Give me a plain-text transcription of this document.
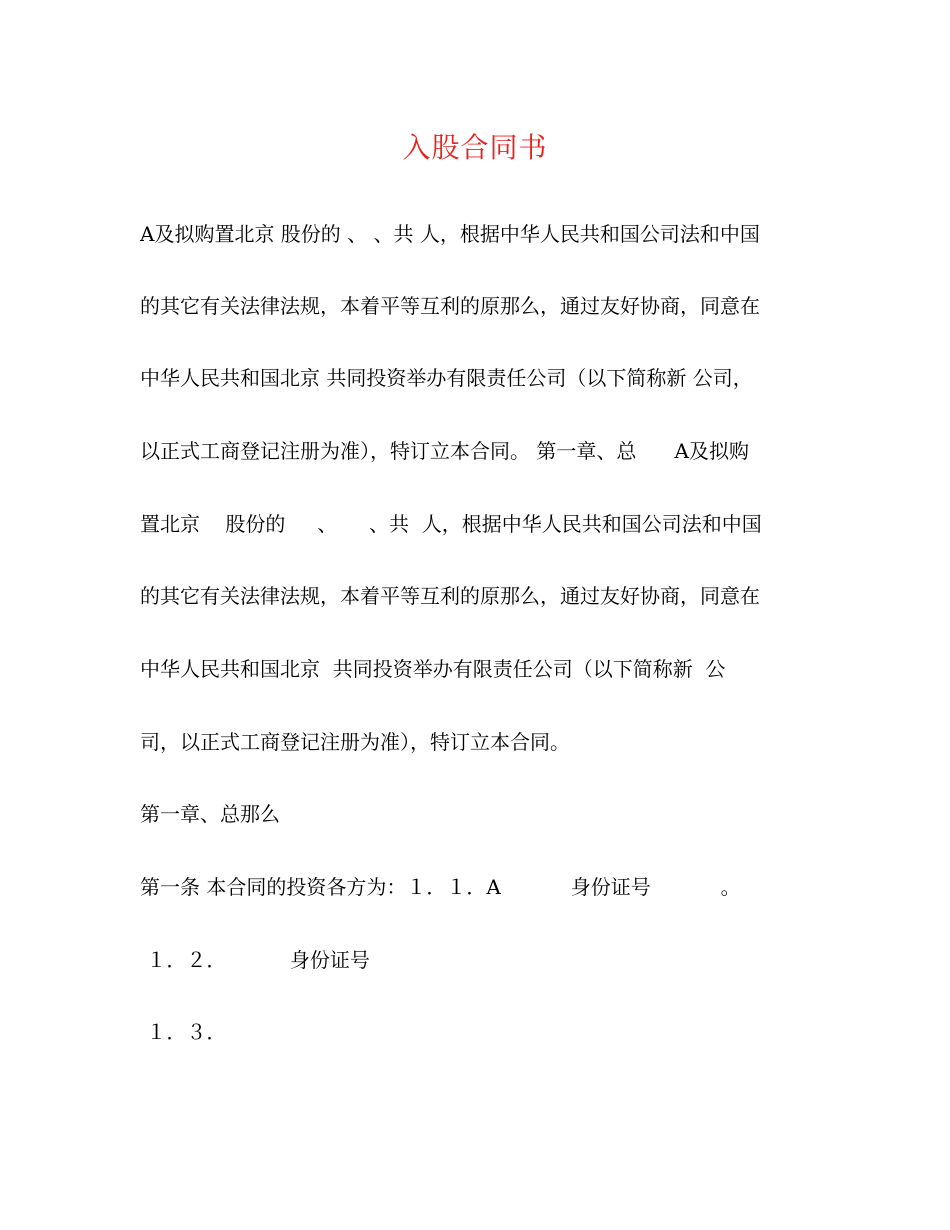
入股合同书
A及拟购置北京 股份的 、 、共 人，根据中华人民共和国公司法和中国
的其它有关法律法规，本着平等互利的原那么，通过友好协商，同意在
中华人民共和国北京 共同投资举办有限责任公司（以下简称新 公司，
以正式工商登记注册为准），特订立本合同。 第一章、总      A及拟购
置北京    股份的     、     、共  人，根据中华人民共和国公司法和中国
的其它有关法律法规，本着平等互利的原那么，通过友好协商，同意在
中华人民共和国北京  共同投资举办有限责任公司（以下简称新  公
司，以正式工商登记注册为准），特订立本合同。
第一章、总那么
第一条 本合同的投资各方为：１．１．A           身份证号           。
１．２．          身份证号
１．３．
